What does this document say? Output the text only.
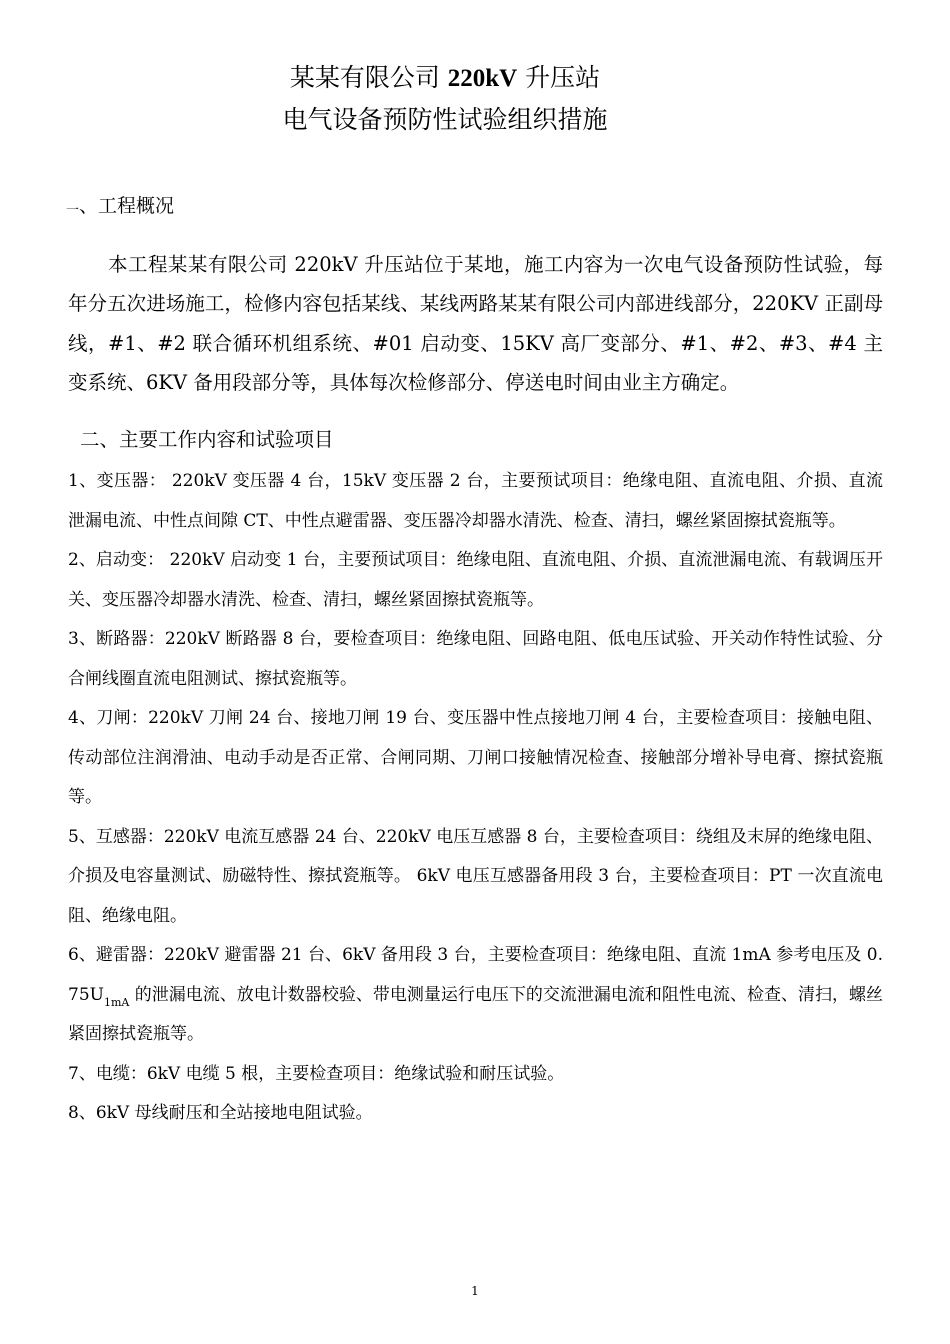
某某有限公司 220kV 升压站
电气设备预防性试验组织措施
一、工程概况

本工程某某有限公司 220kV 升压站位于某地，施工内容为一次电气设备预防性试验，每年分五次进场施工，检修内容包括某线、某线两路某某有限公司内部进线部分，220KV 正副母线，#1、#2 联合循环机组系统、#01 启动变、15KV 高厂变部分、#1、#2、#3、#4 主变系统、6KV 备用段部分等，具体每次检修部分、停送电时间由业主方确定。

二、主要工作内容和试验项目

1、变压器： 220kV 变压器 4 台，15kV 变压器 2 台，主要预试项目：绝缘电阻、直流电阻、介损、直流泄漏电流、中性点间隙 CT、中性点避雷器、变压器冷却器水清洗、检查、清扫，螺丝紧固擦拭瓷瓶等。

2、启动变： 220kV 启动变 1 台，主要预试项目：绝缘电阻、直流电阻、介损、直流泄漏电流、有载调压开关、变压器冷却器水清洗、检查、清扫，螺丝紧固擦拭瓷瓶等。

3、断路器：220kV 断路器 8 台，要检查项目：绝缘电阻、回路电阻、低电压试验、开关动作特性试验、分合闸线圈直流电阻测试、擦拭瓷瓶等。

4、刀闸：220kV 刀闸 24 台、接地刀闸 19 台、变压器中性点接地刀闸 4 台，主要检查项目：接触电阻、传动部位注润滑油、电动手动是否正常、合闸同期、刀闸口接触情况检查、接触部分增补导电膏、擦拭瓷瓶等。

5、互感器：220kV 电流互感器 24 台、220kV 电压互感器 8 台，主要检查项目：绕组及末屏的绝缘电阻、介损及电容量测试、励磁特性、擦拭瓷瓶等。 6kV 电压互感器备用段 3 台，主要检查项目：PT 一次直流电阻、绝缘电阻。

6、避雷器：220kV 避雷器 21 台、6kV 备用段 3 台，主要检查项目：绝缘电阻、直流 1mA 参考电压及 $0.75U_{1mA}$ 的泄漏电流、放电计数器校验、带电测量运行电压下的交流泄漏电流和阻性电流、检查、清扫，螺丝紧固擦拭瓷瓶等。

7、电缆：6kV 电缆 5 根，主要检查项目：绝缘试验和耐压试验。

8、6kV 母线耐压和全站接地电阻试验。

1
